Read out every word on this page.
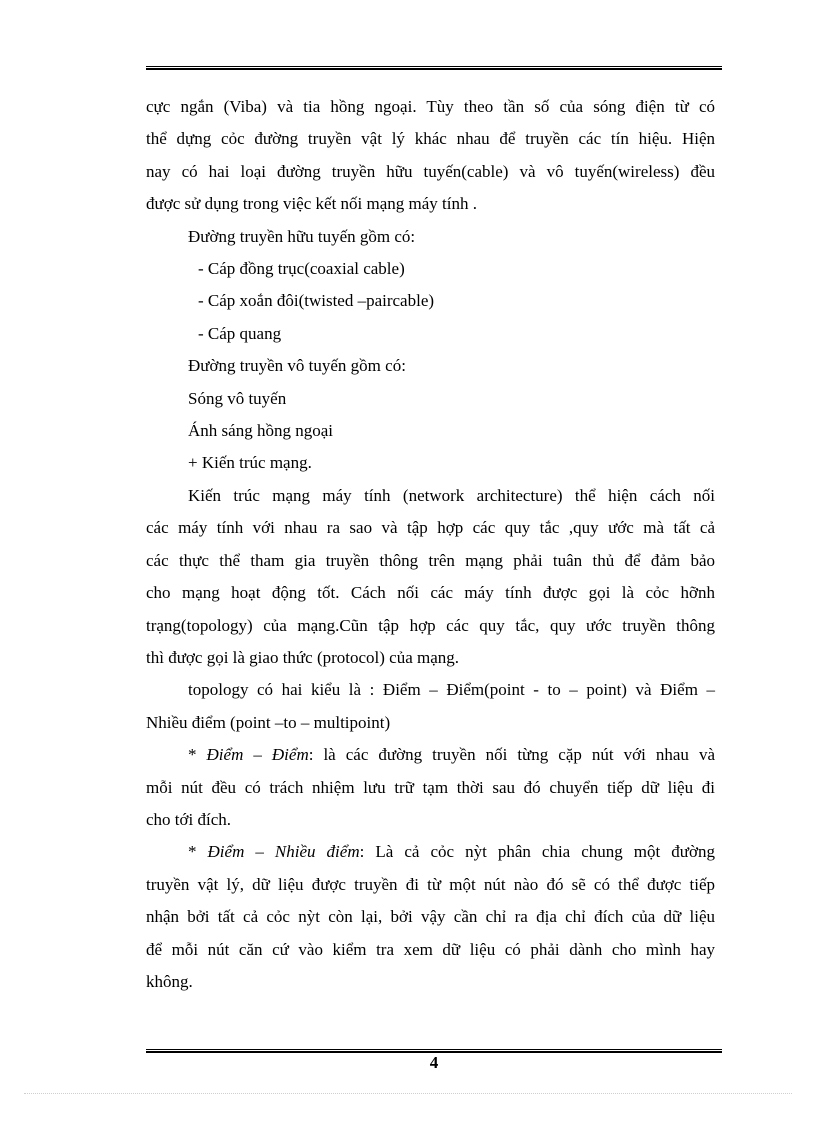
cực ngắn (Viba) và tia hồng ngoại. Tùy theo tần số của sóng điện từ có

thể dựng cỏc đường truyền vật lý khác nhau để truyền các tín hiệu. Hiện

nay có hai loại đường truyền hữu tuyến(cable) và vô tuyến(wireless) đều

được sử dụng trong việc kết nối mạng máy tính .

Đường truyền hữu tuyến gồm có:

- Cáp đồng trục(coaxial cable)

- Cáp xoắn đôi(twisted –paircable)

- Cáp quang

Đường truyền vô tuyến gồm có:

Sóng vô tuyến

Ánh sáng hồng ngoại

+ Kiến trúc mạng.

Kiến trúc mạng máy tính (network architecture) thể hiện cách nối

các máy tính với nhau ra sao và tập hợp các quy tắc ,quy ước mà tất cả

các thực thể tham gia truyền thông trên mạng phải tuân thủ để đảm bảo

cho mạng hoạt động tốt. Cách nối các máy tính được gọi là cỏc hỡnh

trạng(topology) của mạng.Cũn tập hợp các quy tắc, quy ước truyền thông

thì được gọi là giao thức (protocol) của mạng.

topology có hai kiểu là : Điểm – Điểm(point - to – point) và Điểm –

Nhiều điểm (point –to – multipoint)

* Điểm – Điểm: là các đường truyền nối từng cặp nút với nhau và

mỗi nút đều có trách nhiệm lưu trữ tạm thời sau đó chuyển tiếp dữ liệu đi

cho tới đích.

* Điểm – Nhiều điểm: Là cả cỏc nỳt phân chia chung một đường

truyền vật lý, dữ liệu được truyền đi từ một nút nào đó sẽ có thể được tiếp

nhận bởi tất cả cỏc nỳt còn lại, bởi vậy cần chỉ ra địa chỉ đích của dữ liệu

để mỗi nút căn cứ vào kiểm tra xem dữ liệu có phải dành cho mình hay

không.

4
